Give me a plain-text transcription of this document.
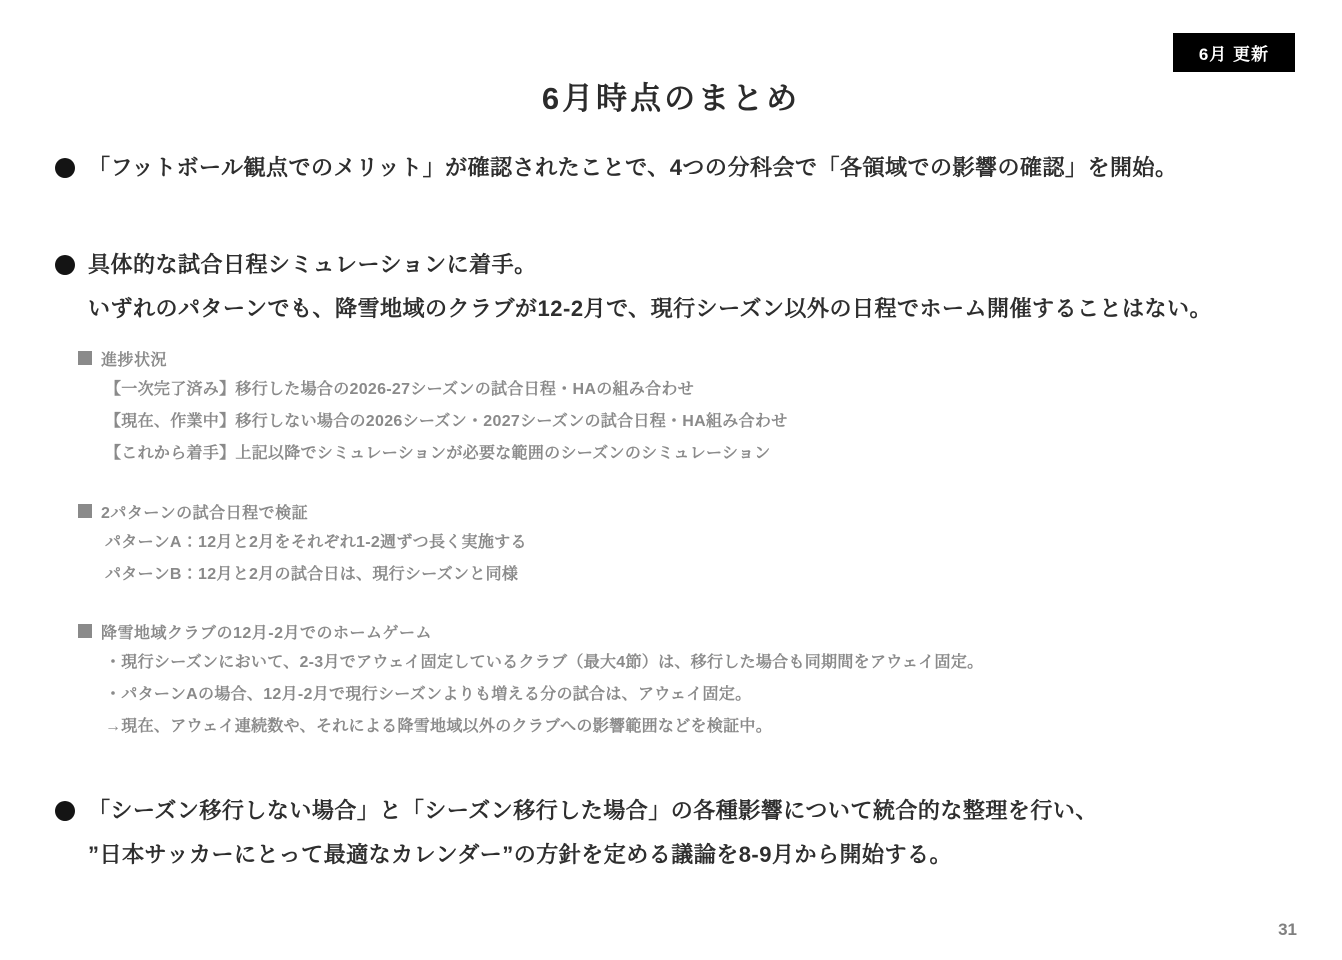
6月 更新
6月時点のまとめ
「フットボール観点でのメリット」が確認されたことで、4つの分科会で「各領域での影響の確認」を開始。
具体的な試合日程シミュレーションに着手。
いずれのパターンでも、降雪地域のクラブが12-2月で、現行シーズン以外の日程でホーム開催することはない。
進捗状況
【一次完了済み】移行した場合の2026-27シーズンの試合日程・HAの組み合わせ
【現在、作業中】移行しない場合の2026シーズン・2027シーズンの試合日程・HA組み合わせ
【これから着手】上記以降でシミュレーションが必要な範囲のシーズンのシミュレーション
2パターンの試合日程で検証
パターンA：12月と2月をそれぞれ1-2週ずつ長く実施する
パターンB：12月と2月の試合日は、現行シーズンと同様
降雪地域クラブの12月-2月でのホームゲーム
・現行シーズンにおいて、2-3月でアウェイ固定しているクラブ（最大4節）は、移行した場合も同期間をアウェイ固定。
・パターンAの場合、12月-2月で現行シーズンよりも増える分の試合は、アウェイ固定。
→現在、アウェイ連続数や、それによる降雪地域以外のクラブへの影響範囲などを検証中。
「シーズン移行しない場合」と「シーズン移行した場合」の各種影響について統合的な整理を行い、
”日本サッカーにとって最適なカレンダー”の方針を定める議論を8-9月から開始する。
31
